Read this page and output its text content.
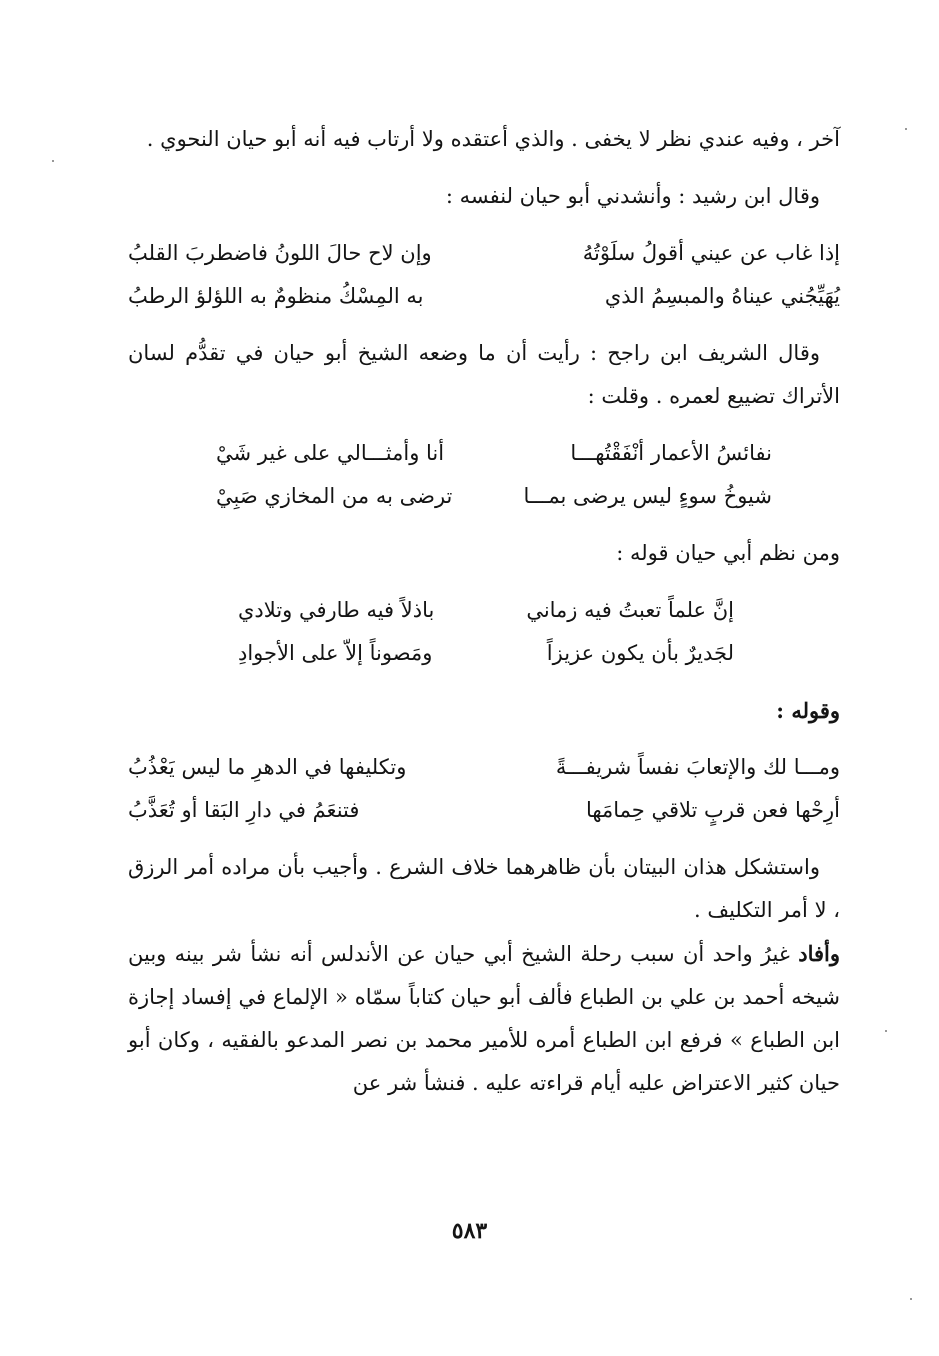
آخر ، وفيه عندي نظر لا يخفى . والذي أعتقده ولا أرتاب فيه أنه أبو حيان النحوي .

وقال ابن رشيد : وأنشدني أبو حيان لنفسه :

إذا غاب عن عيني أقولُ سلَوْتُهُ
وإن لاح حالَ اللونُ فاضطربَ القلبُ
يُهَيِّجُني عيناهُ والمبسِمُ الذي
به المِسْكُ منظومٌ به اللؤلؤ الرطبُ

وقال الشريف ابن راجح : رأيت أن ما وضعه الشيخ أبو حيان في تقدُّم لسان الأتراك تضييع لعمره . وقلت :

نفائسُ الأعمار أنْفَقْتُهـــا
أنا وأمثـــالي على غير شَيْ
شيوخُ سوءٍ ليس يرضى بمـــا
ترضى به من المخازي صَبِيْ

ومن نظم أبي حيان قوله :

إنَّ علماً تعبتُ فيه زماني
باذلاً فيه طارفي وتلادي
لجَديرٌ بأن يكون عزيزاً
ومَصوناً إلاّ على الأجوادِ

وقوله :

ومـــا لك والإتعابَ نفساً شريفـــةً
وتكليفها في الدهرِ ما ليس يَعْذُبُ
أرِحْها فعن قربٍ تلاقي حِمامَها
فتنعَمُ في دارِ البَقا أو تُعَذَّبُ

واستشكل هذان البيتان بأن ظاهرهما خلاف الشرع . وأجيب بأن مراده أمر الرزق ، لا أمر التكليف .

وأفاد غيرُ واحد أن سبب رحلة الشيخ أبي حيان عن الأندلس أنه نشأ شر بينه وبين شيخه أحمد بن علي بن الطباع فألف أبو حيان كتاباً سمّاه « الإلماع في إفساد إجازة ابن الطباع » فرفع ابن الطباع أمره للأمير محمد بن نصر المدعو بالفقيه ، وكان أبو حيان كثير الاعتراض عليه أيام قراءته عليه . فنشأ شر عن

٥٨٣
